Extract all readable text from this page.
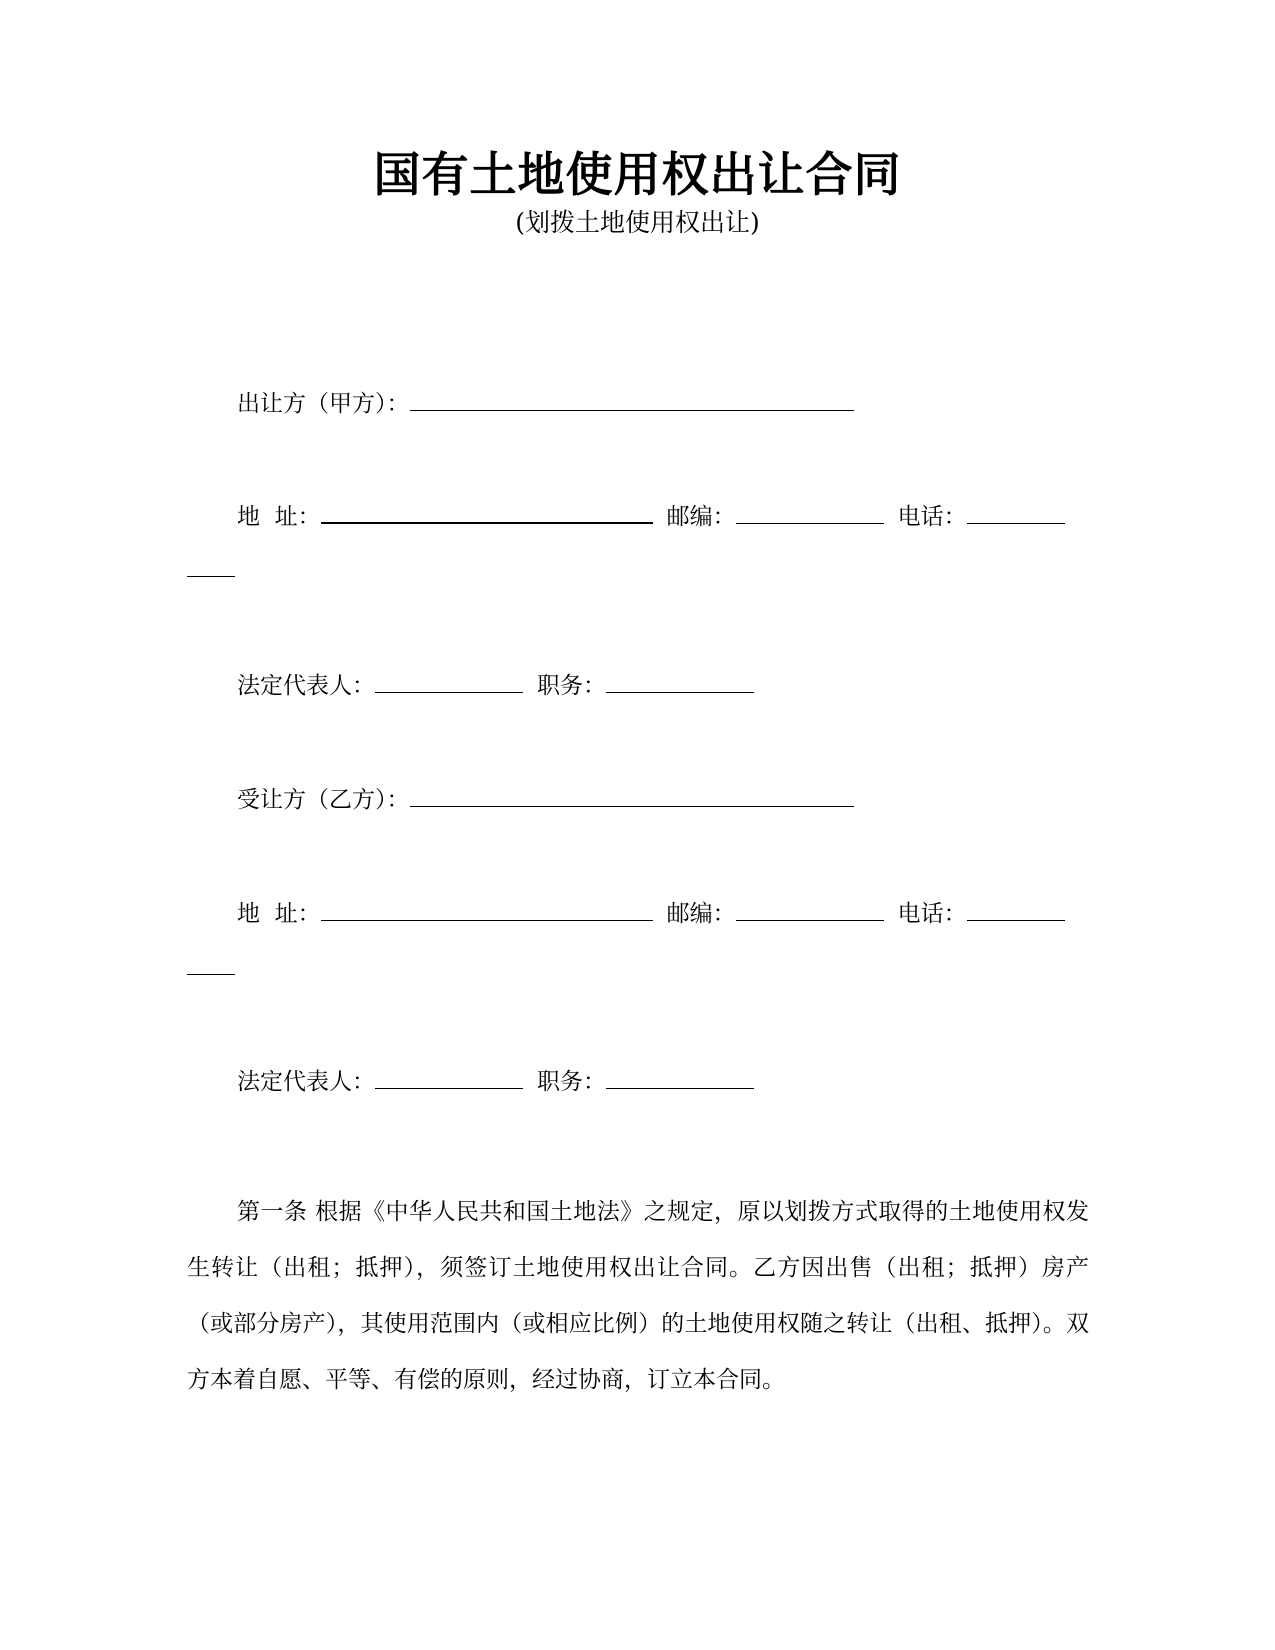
国有土地使用权出让合同
(划拨土地使用权出让)
出让方（甲方）：
地  址：	邮编：	电话：
法定代表人：	职务：
受让方（乙方）：
地  址：	邮编：	电话：
法定代表人：	职务：
第一条 根据《中华人民共和国土地法》之规定，原以划拨方式取得的土地使用权发生转让（出租；抵押），须签订土地使用权出让合同。乙方因出售（出租；抵押）房产（或部分房产），其使用范围内（或相应比例）的土地使用权随之转让（出租、抵押）。双方本着自愿、平等、有偿的原则，经过协商，订立本合同。
